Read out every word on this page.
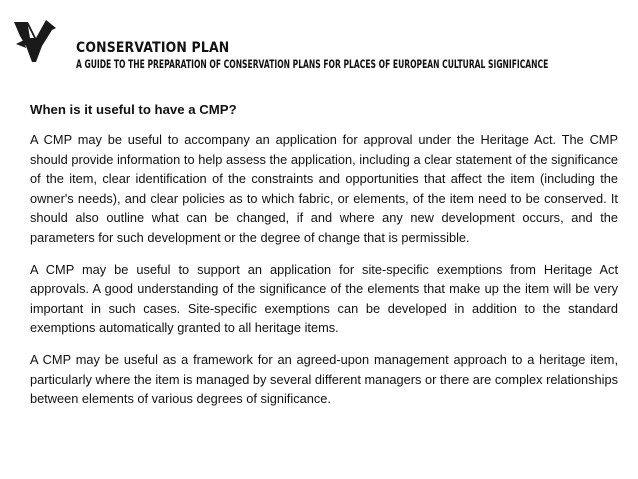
CONSERVATION PLAN
A GUIDE TO THE PREPARATION OF CONSERVATION PLANS FOR PLACES OF EUROPEAN CULTURAL SIGNIFICANCE
When is it useful to have a CMP?

A CMP may be useful to accompany an application for approval under the Heritage Act. The CMP should provide information to help assess the application, including a clear statement of the significance of the item, clear identification of the constraints and opportunities that affect the item (including the owner's needs), and clear policies as to which fabric, or elements, of the item need to be conserved. It should also outline what can be changed, if and where any new development occurs, and the parameters for such development or the degree of change that is permissible.

A CMP may be useful to support an application for site-specific exemptions from Heritage Act approvals. A good understanding of the significance of the elements that make up the item will be very important in such cases. Site-specific exemptions can be developed in addition to the standard exemptions automatically granted to all heritage items.

A CMP may be useful as a framework for an agreed-upon management approach to a heritage item, particularly where the item is managed by several different managers or there are complex relationships between elements of various degrees of significance.
